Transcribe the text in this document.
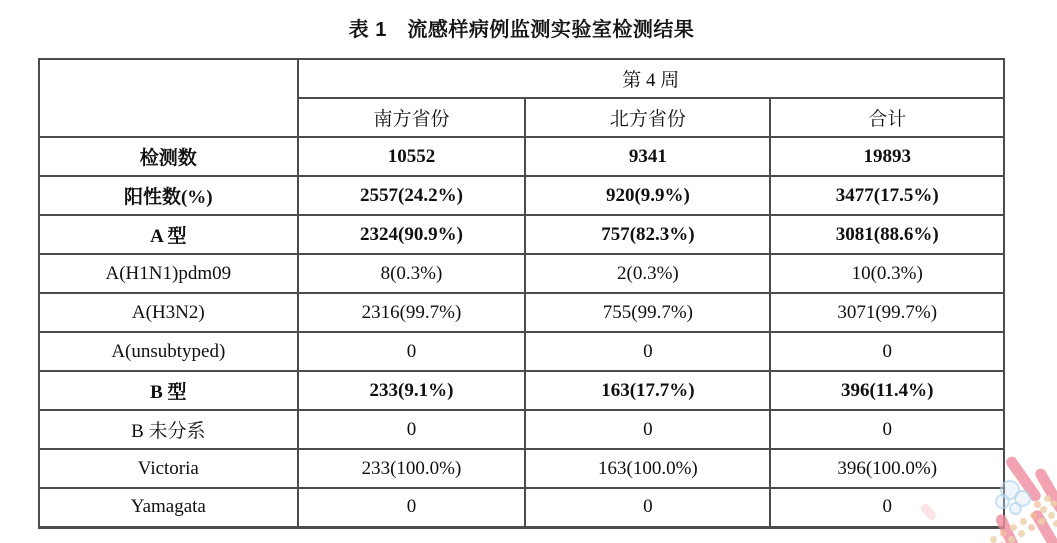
表 1　流感样病例监测实验室检测结果
	第 4 周		
	南方省份	北方省份	合计
检测数	10552	9341	19893
阳性数(%)	2557(24.2%)	920(9.9%)	3477(17.5%)
A 型	2324(90.9%)	757(82.3%)	3081(88.6%)
A(H1N1)pdm09	8(0.3%)	2(0.3%)	10(0.3%)
A(H3N2)	2316(99.7%)	755(99.7%)	3071(99.7%)
A(unsubtyped)	0	0	0
B 型	233(9.1%)	163(17.7%)	396(11.4%)
B 未分系	0	0	0
Victoria	233(100.0%)	163(100.0%)	396(100.0%)
Yamagata	0	0	0
